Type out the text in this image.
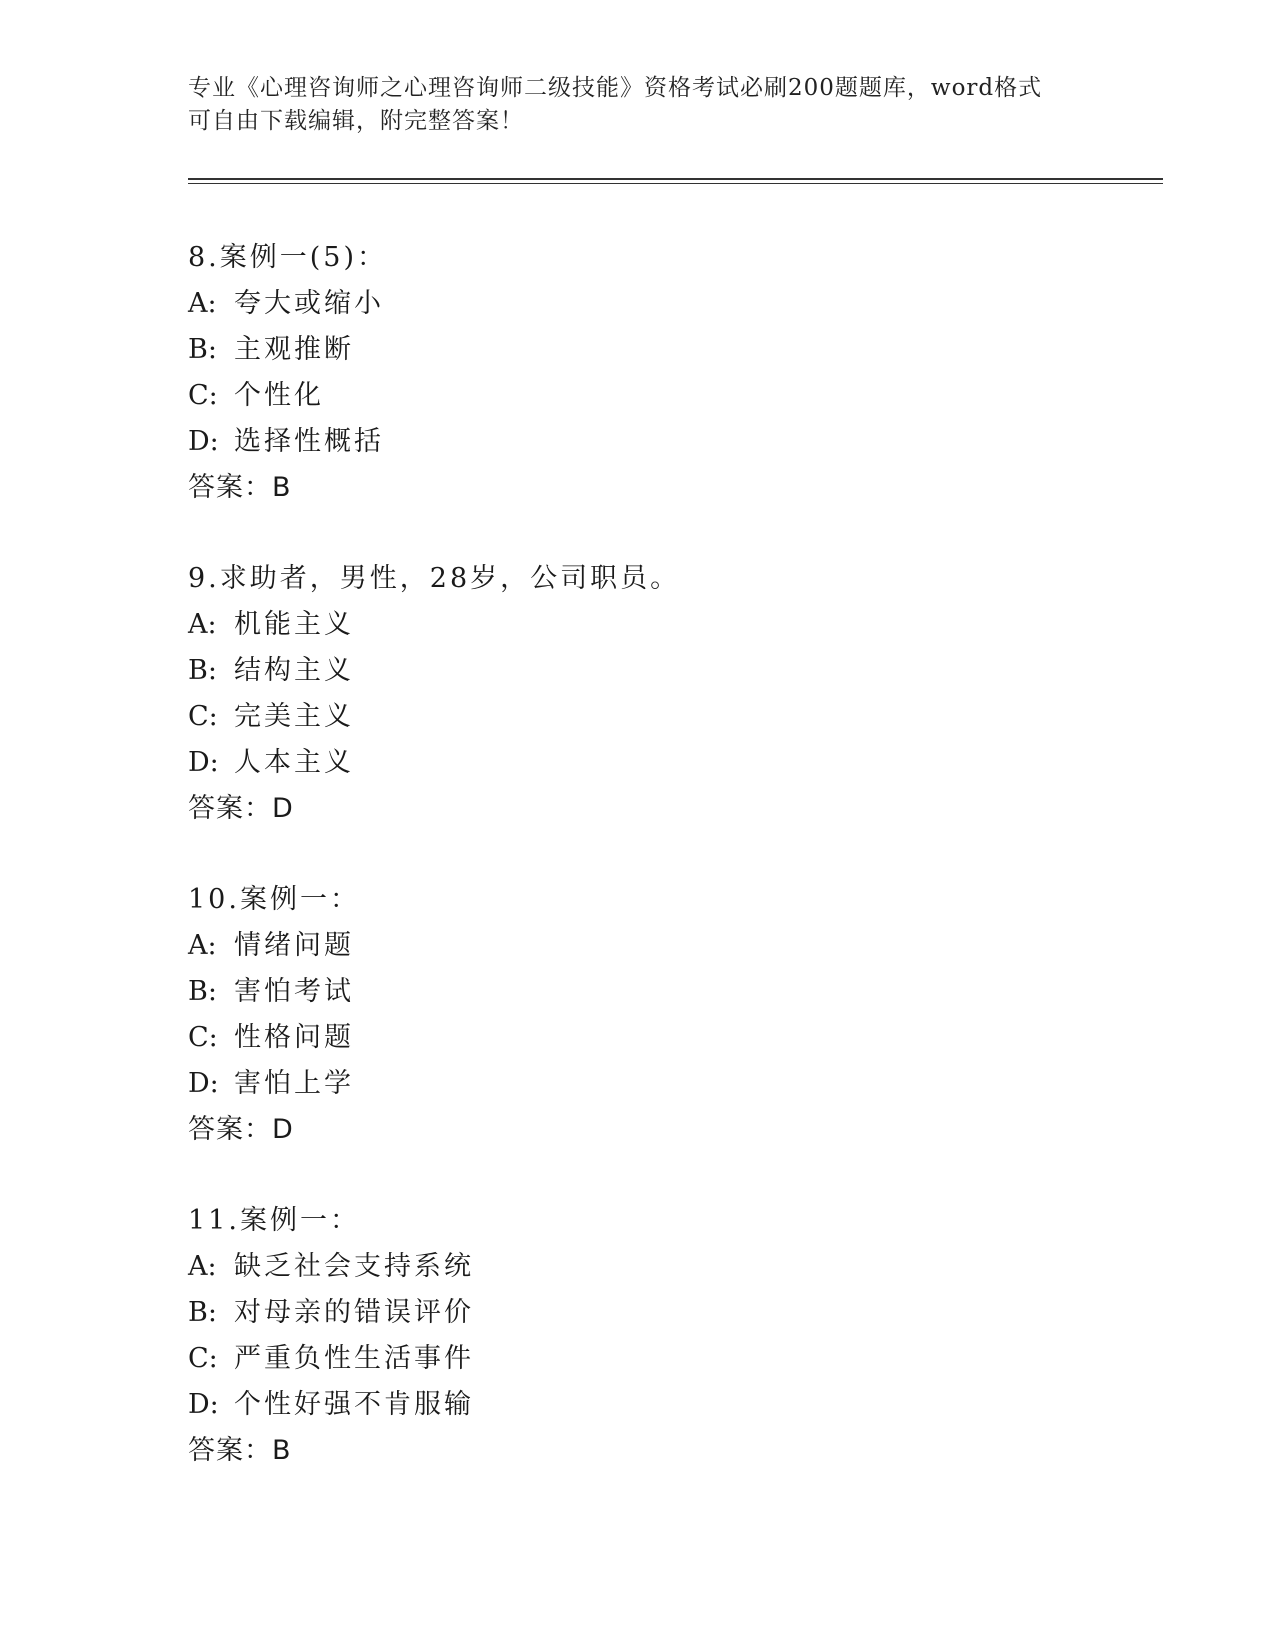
专业《心理咨询师之心理咨询师二级技能》资格考试必刷200题题库，word格式
可自由下载编辑，附完整答案！
8.案例一(5)：
A: 夸大或缩小
B: 主观推断
C: 个性化
D: 选择性概括
答案：B
9.求助者，男性，28岁，公司职员。
A: 机能主义
B: 结构主义
C: 完美主义
D: 人本主义
答案：D
10.案例一：
A: 情绪问题
B: 害怕考试
C: 性格问题
D: 害怕上学
答案：D
11.案例一：
A: 缺乏社会支持系统
B: 对母亲的错误评价
C: 严重负性生活事件
D: 个性好强不肯服输
答案：B
